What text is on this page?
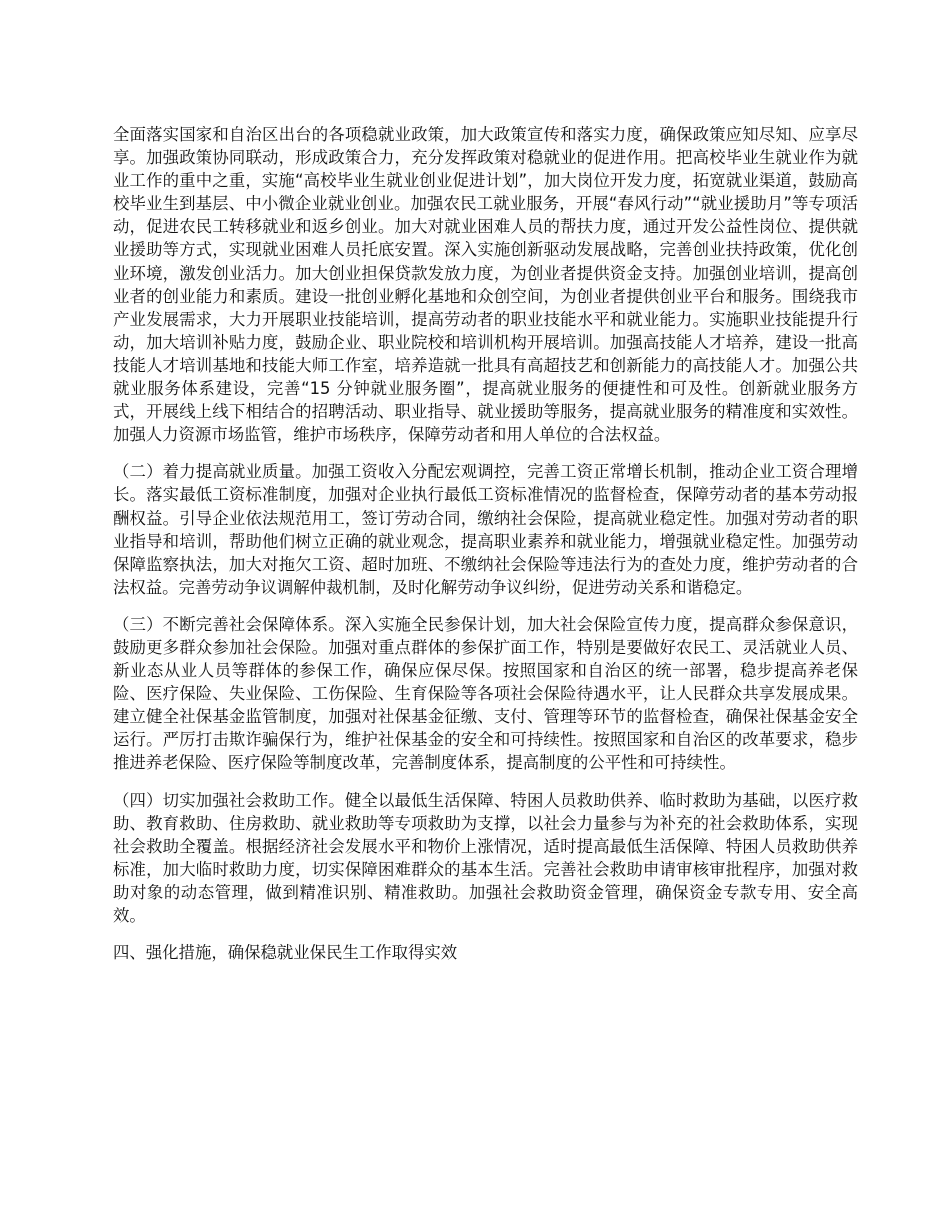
全面落实国家和自治区出台的各项稳就业政策，加大政策宣传和落实力度，确保政策应知尽知、应享尽享。加强政策协同联动，形成政策合力，充分发挥政策对稳就业的促进作用。把高校毕业生就业作为就业工作的重中之重，实施“高校毕业生就业创业促进计划”，加大岗位开发力度，拓宽就业渠道，鼓励高校毕业生到基层、中小微企业就业创业。加强农民工就业服务，开展“春风行动”“就业援助月”等专项活动，促进农民工转移就业和返乡创业。加大对就业困难人员的帮扶力度，通过开发公益性岗位、提供就业援助等方式，实现就业困难人员托底安置。深入实施创新驱动发展战略，完善创业扶持政策，优化创业环境，激发创业活力。加大创业担保贷款发放力度，为创业者提供资金支持。加强创业培训，提高创业者的创业能力和素质。建设一批创业孵化基地和众创空间，为创业者提供创业平台和服务。围绕我市产业发展需求，大力开展职业技能培训，提高劳动者的职业技能水平和就业能力。实施职业技能提升行动，加大培训补贴力度，鼓励企业、职业院校和培训机构开展培训。加强高技能人才培养，建设一批高技能人才培训基地和技能大师工作室，培养造就一批具有高超技艺和创新能力的高技能人才。加强公共就业服务体系建设，完善“15 分钟就业服务圈”，提高就业服务的便捷性和可及性。创新就业服务方式，开展线上线下相结合的招聘活动、职业指导、就业援助等服务，提高就业服务的精准度和实效性。加强人力资源市场监管，维护市场秩序，保障劳动者和用人单位的合法权益。

（二）着力提高就业质量。加强工资收入分配宏观调控，完善工资正常增长机制，推动企业工资合理增长。落实最低工资标准制度，加强对企业执行最低工资标准情况的监督检查，保障劳动者的基本劳动报酬权益。引导企业依法规范用工，签订劳动合同，缴纳社会保险，提高就业稳定性。加强对劳动者的职业指导和培训，帮助他们树立正确的就业观念，提高职业素养和就业能力，增强就业稳定性。加强劳动保障监察执法，加大对拖欠工资、超时加班、不缴纳社会保险等违法行为的查处力度，维护劳动者的合法权益。完善劳动争议调解仲裁机制，及时化解劳动争议纠纷，促进劳动关系和谐稳定。

（三）不断完善社会保障体系。深入实施全民参保计划，加大社会保险宣传力度，提高群众参保意识，鼓励更多群众参加社会保险。加强对重点群体的参保扩面工作，特别是要做好农民工、灵活就业人员、新业态从业人员等群体的参保工作，确保应保尽保。按照国家和自治区的统一部署，稳步提高养老保险、医疗保险、失业保险、工伤保险、生育保险等各项社会保险待遇水平，让人民群众共享发展成果。建立健全社保基金监管制度，加强对社保基金征缴、支付、管理等环节的监督检查，确保社保基金安全运行。严厉打击欺诈骗保行为，维护社保基金的安全和可持续性。按照国家和自治区的改革要求，稳步推进养老保险、医疗保险等制度改革，完善制度体系，提高制度的公平性和可持续性。

（四）切实加强社会救助工作。健全以最低生活保障、特困人员救助供养、临时救助为基础，以医疗救助、教育救助、住房救助、就业救助等专项救助为支撑，以社会力量参与为补充的社会救助体系，实现社会救助全覆盖。根据经济社会发展水平和物价上涨情况，适时提高最低生活保障、特困人员救助供养标准，加大临时救助力度，切实保障困难群众的基本生活。完善社会救助申请审核审批程序，加强对救助对象的动态管理，做到精准识别、精准救助。加强社会救助资金管理，确保资金专款专用、安全高效。

四、强化措施，确保稳就业保民生工作取得实效
